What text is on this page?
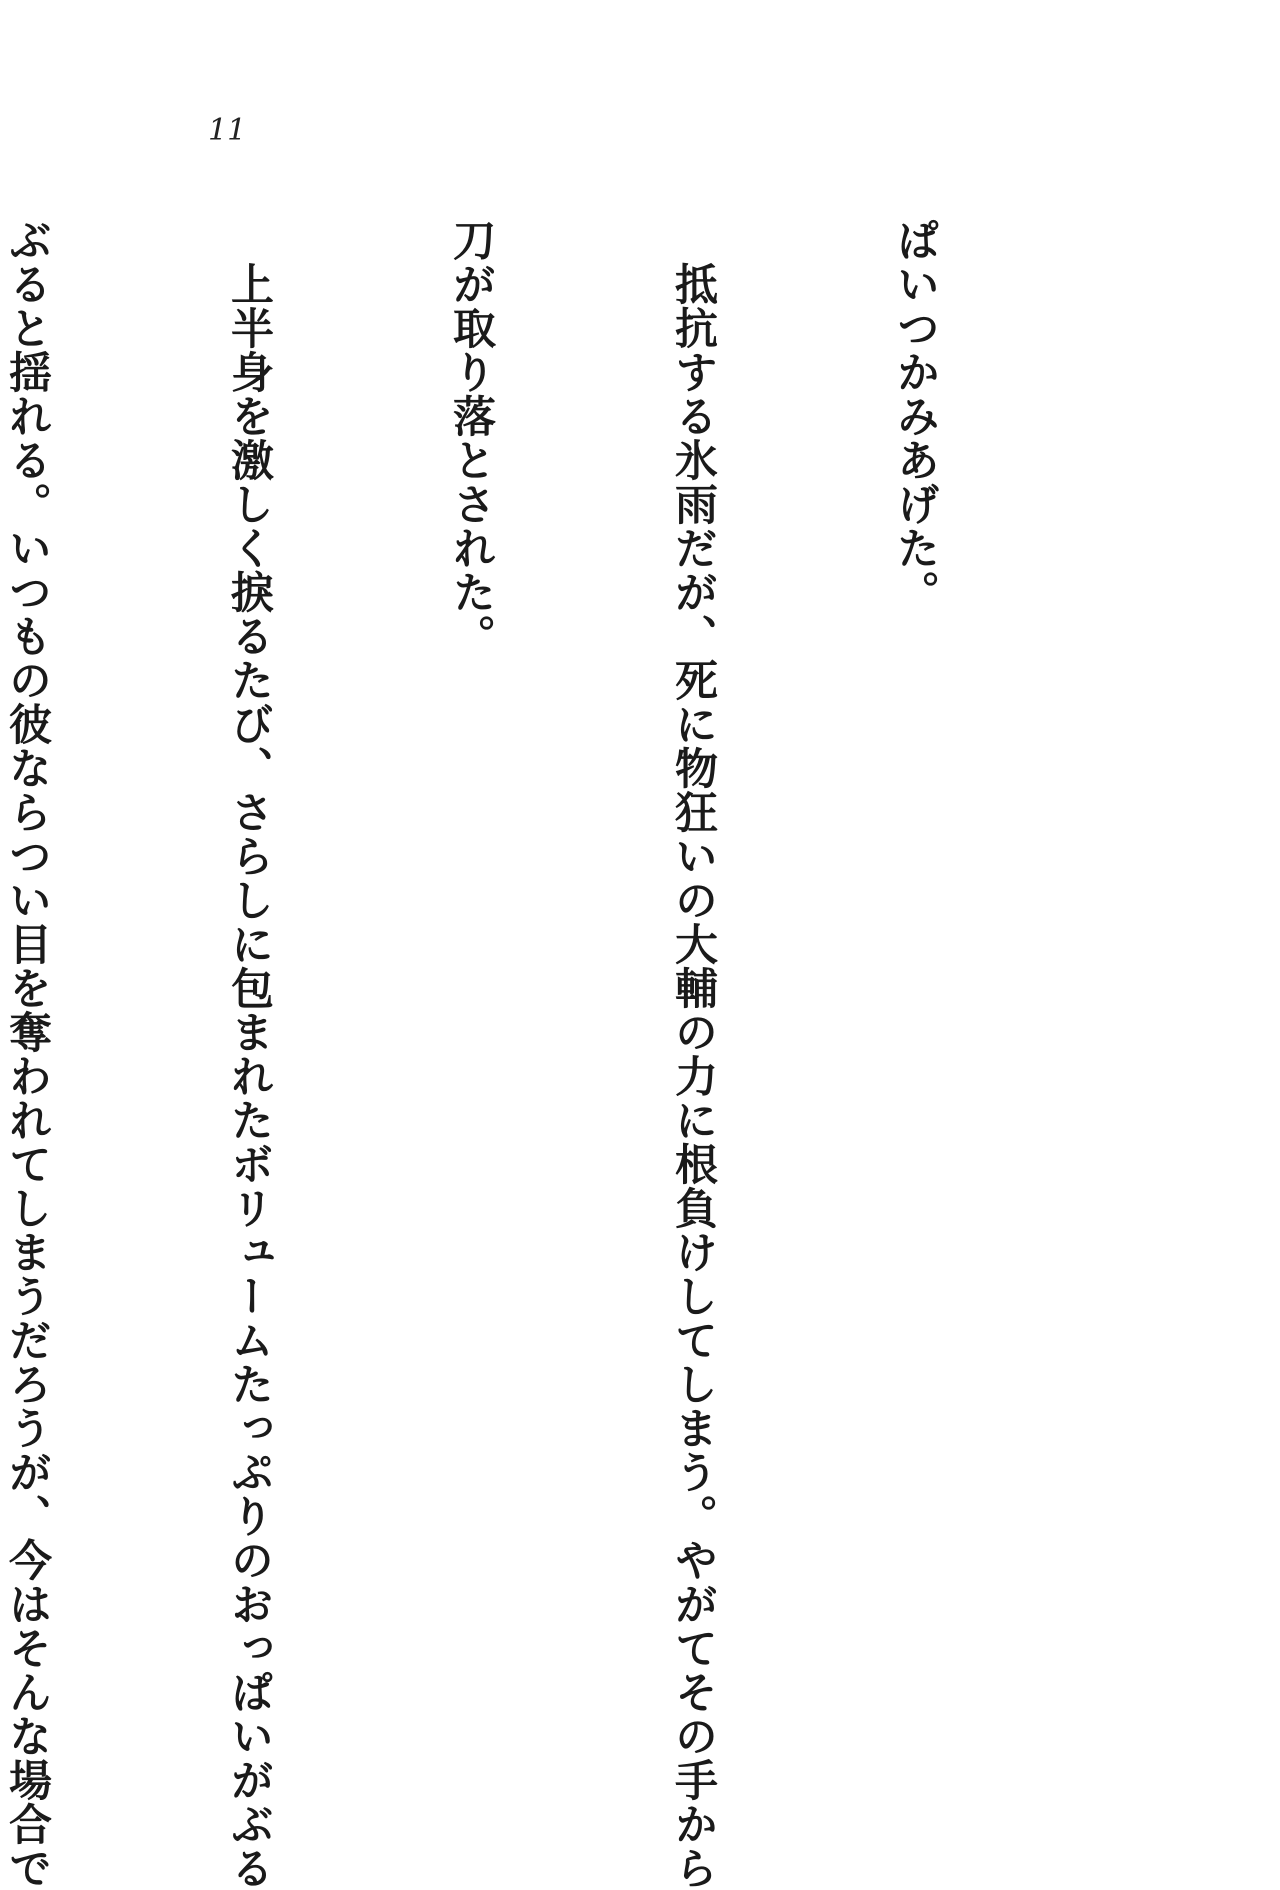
11

ぱいつかみあげた。

　抵抗する氷雨だが、死に物狂いの大輔の力に根負けしてしまう。やがてその手から

刀が取り落とされた。

　上半身を激しく捩るたび、さらしに包まれたボリュームたっぷりのおっぱいがぶる

ぶると揺れる。いつもの彼ならつい目を奪われてしまうだろうが、今はそんな場合で
